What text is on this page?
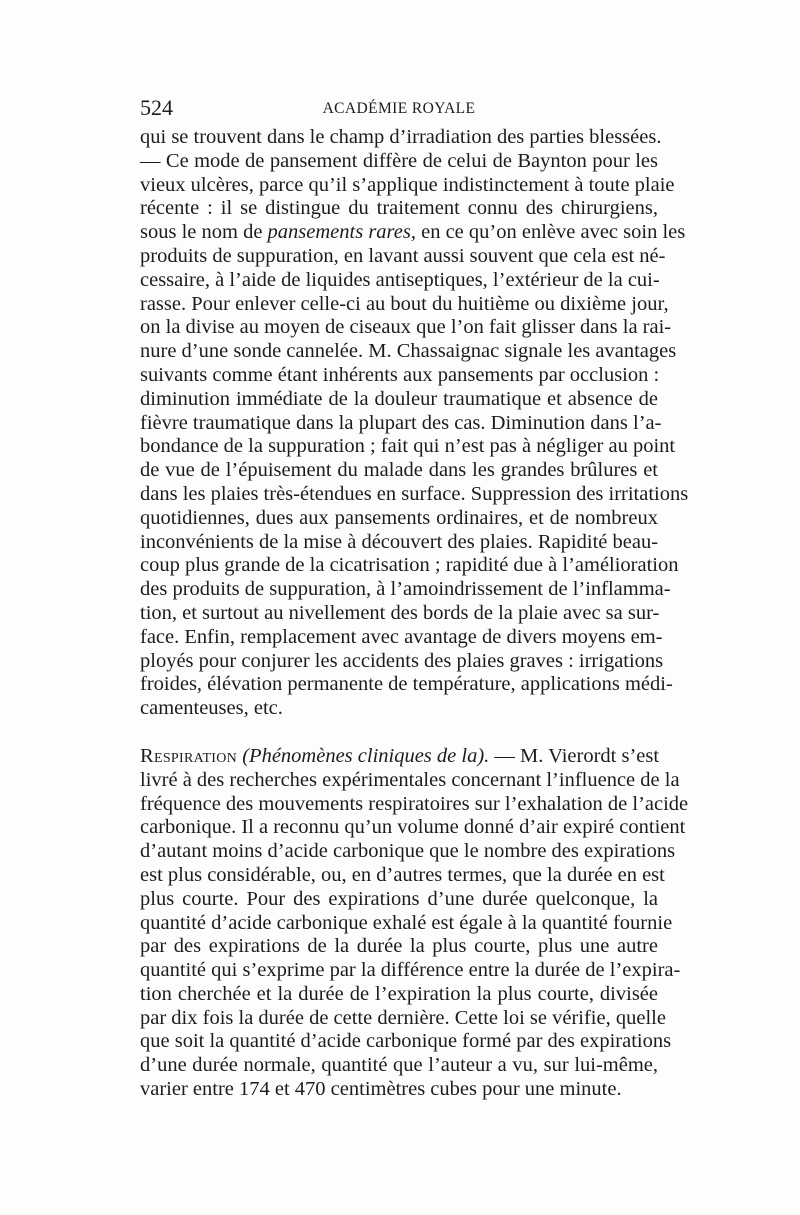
524	ACADÉMIE ROYALE

qui se trouvent dans le champ d’irradiation des parties blessées.
— Ce mode de pansement diffère de celui de Baynton pour les
vieux ulcères, parce qu’il s’applique indistinctement à toute plaie
récente : il se distingue du traitement connu des chirurgiens,
sous le nom de pansements rares, en ce qu’on enlève avec soin les
produits de suppuration, en lavant aussi souvent que cela est né-
cessaire, à l’aide de liquides antiseptiques, l’extérieur de la cui-
rasse. Pour enlever celle-ci au bout du huitième ou dixième jour,
on la divise au moyen de ciseaux que l’on fait glisser dans la rai-
nure d’une sonde cannelée. M. Chassaignac signale les avantages
suivants comme étant inhérents aux pansements par occlusion :
diminution immédiate de la douleur traumatique et absence de
fièvre traumatique dans la plupart des cas. Diminution dans l’a-
bondance de la suppuration ; fait qui n’est pas à négliger au point
de vue de l’épuisement du malade dans les grandes brûlures et
dans les plaies très-étendues en surface. Suppression des irritations
quotidiennes, dues aux pansements ordinaires, et de nombreux
inconvénients de la mise à découvert des plaies. Rapidité beau-
coup plus grande de la cicatrisation ; rapidité due à l’amélioration
des produits de suppuration, à l’amoindrissement de l’inflamma-
tion, et surtout au nivellement des bords de la plaie avec sa sur-
face. Enfin, remplacement avec avantage de divers moyens em-
ployés pour conjurer les accidents des plaies graves : irrigations
froides, élévation permanente de température, applications médi-
camenteuses, etc.

Respiration (Phénomènes cliniques de la). — M. Vierordt s’est
livré à des recherches expérimentales concernant l’influence de la
fréquence des mouvements respiratoires sur l’exhalation de l’acide
carbonique. Il a reconnu qu’un volume donné d’air expiré contient
d’autant moins d’acide carbonique que le nombre des expirations
est plus considérable, ou, en d’autres termes, que la durée en est
plus courte. Pour des expirations d’une durée quelconque, la
quantité d’acide carbonique exhalé est égale à la quantité fournie
par des expirations de la durée la plus courte, plus une autre
quantité qui s’exprime par la différence entre la durée de l’expira-
tion cherchée et la durée de l’expiration la plus courte, divisée
par dix fois la durée de cette dernière. Cette loi se vérifie, quelle
que soit la quantité d’acide carbonique formé par des expirations
d’une durée normale, quantité que l’auteur a vu, sur lui-même,
varier entre 174 et 470 centimètres cubes pour une minute.
